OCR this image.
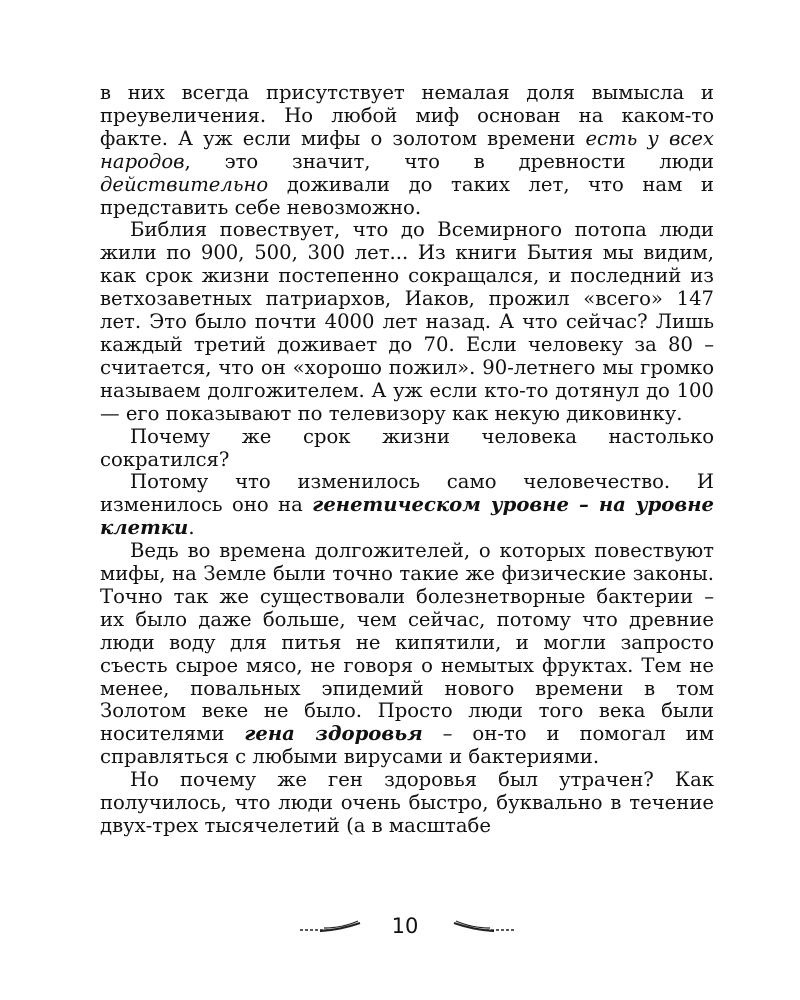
в них всегда присутствует немалая доля вымысла и преувеличения. Но любой миф основан на каком-то факте. А уж если мифы о золотом времени есть у всех народов, это значит, что в древности люди действительно доживали до таких лет, что нам и представить себе невозможно.

Библия повествует, что до Всемирного потопа люди жили по 900, 500, 300 лет... Из книги Бытия мы видим, как срок жизни постепенно сокращался, и последний из ветхозаветных патриархов, Иаков, прожил «всего» 147 лет. Это было почти 4000 лет назад. А что сейчас? Лишь каждый третий доживает до 70. Если человеку за 80 – считается, что он «хорошо пожил». 90-летнего мы громко называем долгожителем. А уж если кто-то дотянул до 100 — его показывают по телевизору как некую диковинку.

Почему же срок жизни человека настолько сократился?

Потому что изменилось само человечество. И изменилось оно на генетическом уровне – на уровне клетки.

Ведь во времена долгожителей, о которых повествуют мифы, на Земле были точно такие же физические законы. Точно так же существовали болезнетворные бактерии – их было даже больше, чем сейчас, потому что древние люди воду для питья не кипятили, и могли запросто съесть сырое мясо, не говоря о немытых фруктах. Тем не менее, повальных эпидемий нового времени в том Золотом веке не было. Просто люди того века были носителями гена здоровья – он-то и помогал им справляться с любыми вирусами и бактериями.

Но почему же ген здоровья был утрачен? Как получилось, что люди очень быстро, буквально в течение двух-трех тысячелетий (а в масштабе

10
